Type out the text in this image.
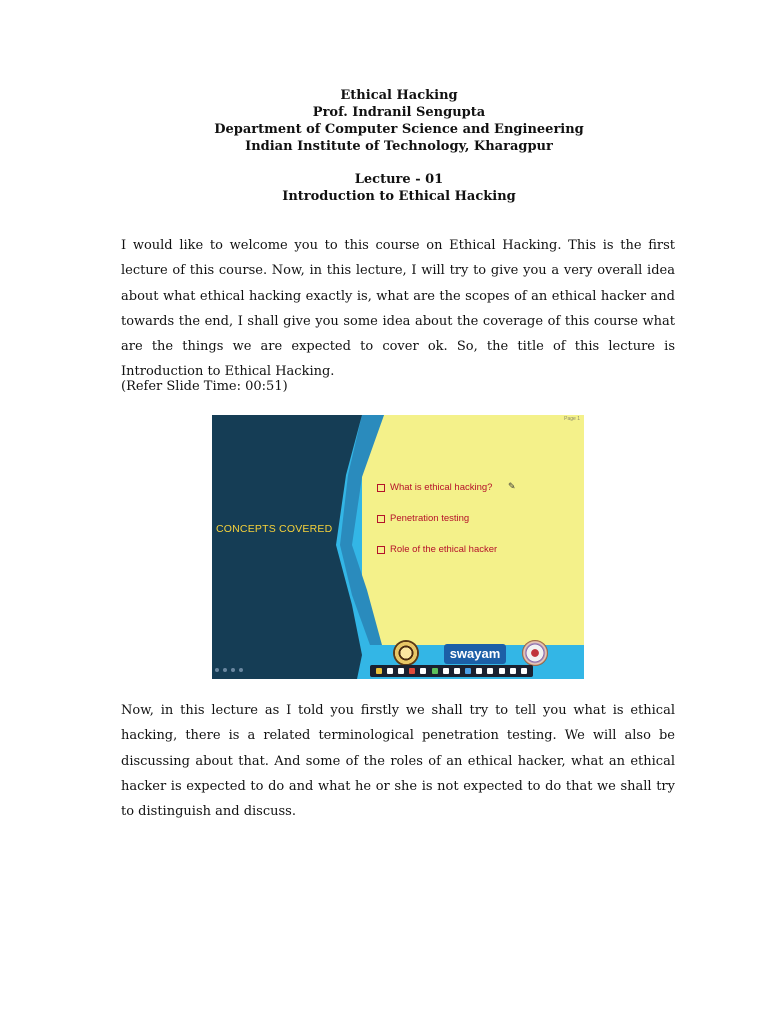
Ethical Hacking
Prof. Indranil Sengupta
Department of Computer Science and Engineering
Indian Institute of Technology, Kharagpur
Lecture - 01
Introduction to Ethical Hacking

I would like to welcome you to this course on Ethical Hacking. This is the first lecture of this course. Now, in this lecture, I will try to give you a very overall idea about what ethical hacking exactly is, what are the scopes of an ethical hacker and towards the end, I shall give you some idea about the coverage of this course what are the things we are expected to cover ok. So, the title of this lecture is Introduction to Ethical Hacking.

(Refer Slide Time: 00:51)

Page 1
CONCEPTS COVERED
What is ethical hacking?
Penetration testing
Role of the ethical hacker
✎
swayam

Now, in this lecture as I told you firstly we shall try to tell you what is ethical hacking, there is a related terminological penetration testing. We will also be discussing about that. And some of the roles of an ethical hacker, what an ethical hacker is expected to do and what he or she is not expected to do that we shall try to distinguish and discuss.
